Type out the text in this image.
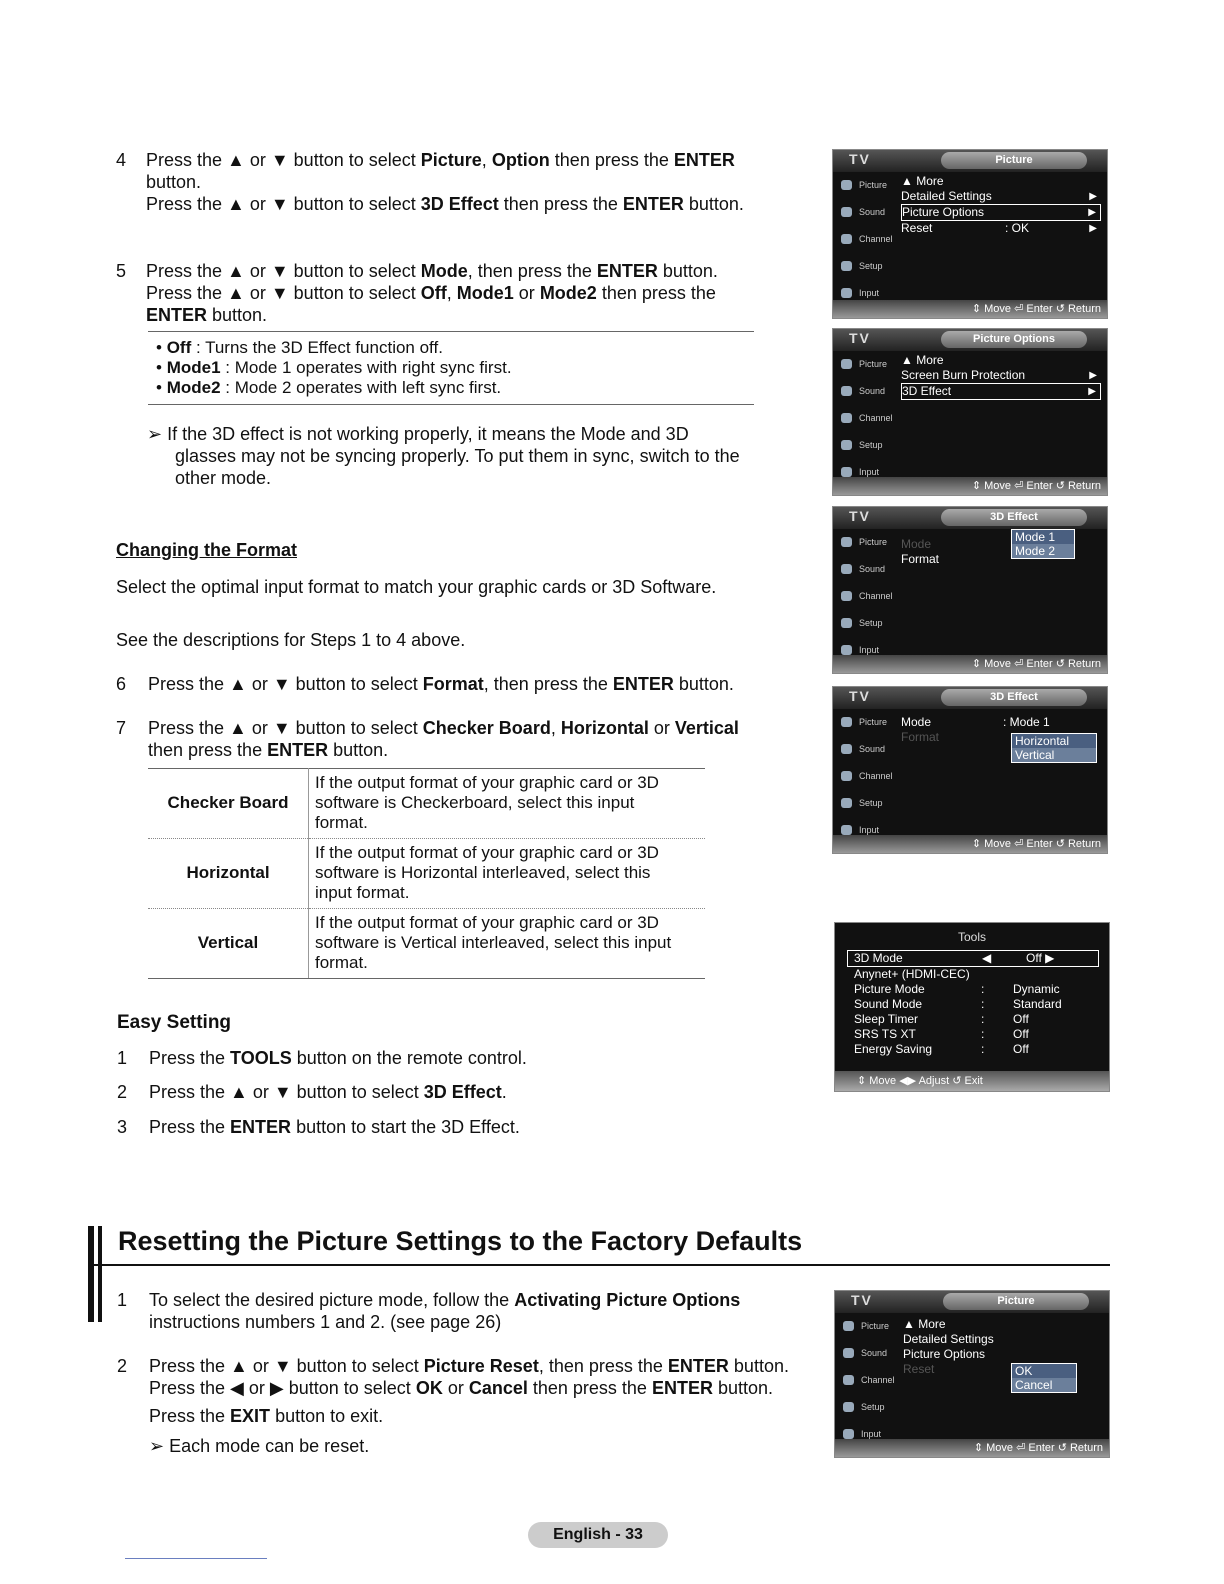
4 Press the ▲ or ▼ button to select Picture, Option then press the ENTER
button.
Press the ▲ or ▼ button to select 3D Effect then press the ENTER button.
5 Press the ▲ or ▼ button to select Mode, then press the ENTER button.
Press the ▲ or ▼ button to select Off, Mode1 or Mode2 then press the
ENTER button.
• Off : Turns the 3D Effect function off.
• Mode1 : Mode 1 operates with right sync first.
• Mode2 : Mode 2 operates with left sync first.
➢ If the 3D effect is not working properly, it means the Mode and 3D
glasses may not be syncing properly. To put them in sync, switch to the
other mode.
Changing the Format
Select the optimal input format to match your graphic cards or 3D Software.
See the descriptions for Steps 1 to 4 above.
6 Press the ▲ or ▼ button to select Format, then press the ENTER button.
7 Press the ▲ or ▼ button to select Checker Board, Horizontal or Vertical
then press the ENTER button.
Checker Board	If the output format of your graphic card or 3D
software is Checkerboard, select this input
format.

Horizontal	If the output format of your graphic card or 3D
software is Horizontal interleaved, select this
input format.

Vertical	If the output format of your graphic card or 3D
software is Vertical interleaved, select this input
format.
Easy Setting
1 Press the TOOLS button on the remote control.
2 Press the ▲ or ▼ button to select 3D Effect.
3 Press the ENTER button to start the 3D Effect.
Resetting the Picture Settings to the Factory Defaults
1 To select the desired picture mode, follow the Activating Picture Options
instructions numbers 1 and 2. (see page 26)
2 Press the ▲ or ▼ button to select Picture Reset, then press the ENTER button.
Press the ◀ or ▶ button to select OK or Cancel then press the ENTER button.
Press the EXIT button to exit.
➢ Each mode can be reset.
English - 33
TV	Picture
Picture
Sound
Channel
Setup
Input
▲ More
Detailed Settings	▶
Picture Options	▶
Reset	: OK	▶
⇕ Move ⏎ Enter ↺ Return
TV	Picture Options
Picture
Sound
Channel
Setup
Input
▲ More
Screen Burn Protection	▶
3D Effect	▶
⇕ Move ⏎ Enter ↺ Return
TV	3D Effect
Picture
Sound
Channel
Setup
Input
Mode
Format
Mode 1
Mode 2
⇕ Move ⏎ Enter ↺ Return
TV	3D Effect
Picture
Sound
Channel
Setup
Input
Mode	: Mode 1
Format	Horizontal
Vertical
⇕ Move ⏎ Enter ↺ Return
Tools
3D Mode	◀	Off ▶
Anynet+ (HDMI-CEC)
Picture Mode	: Dynamic
Sound Mode	: Standard
Sleep Timer	: Off
SRS TS XT	: Off
Energy Saving	: Off
⇕ Move ◀▶ Adjust ↺ Exit
TV	Picture
Picture
Sound
Channel
Setup
Input
▲ More
Detailed Settings
Picture Options
Reset	OK
Cancel
⇕ Move ⏎ Enter ↺ Return
